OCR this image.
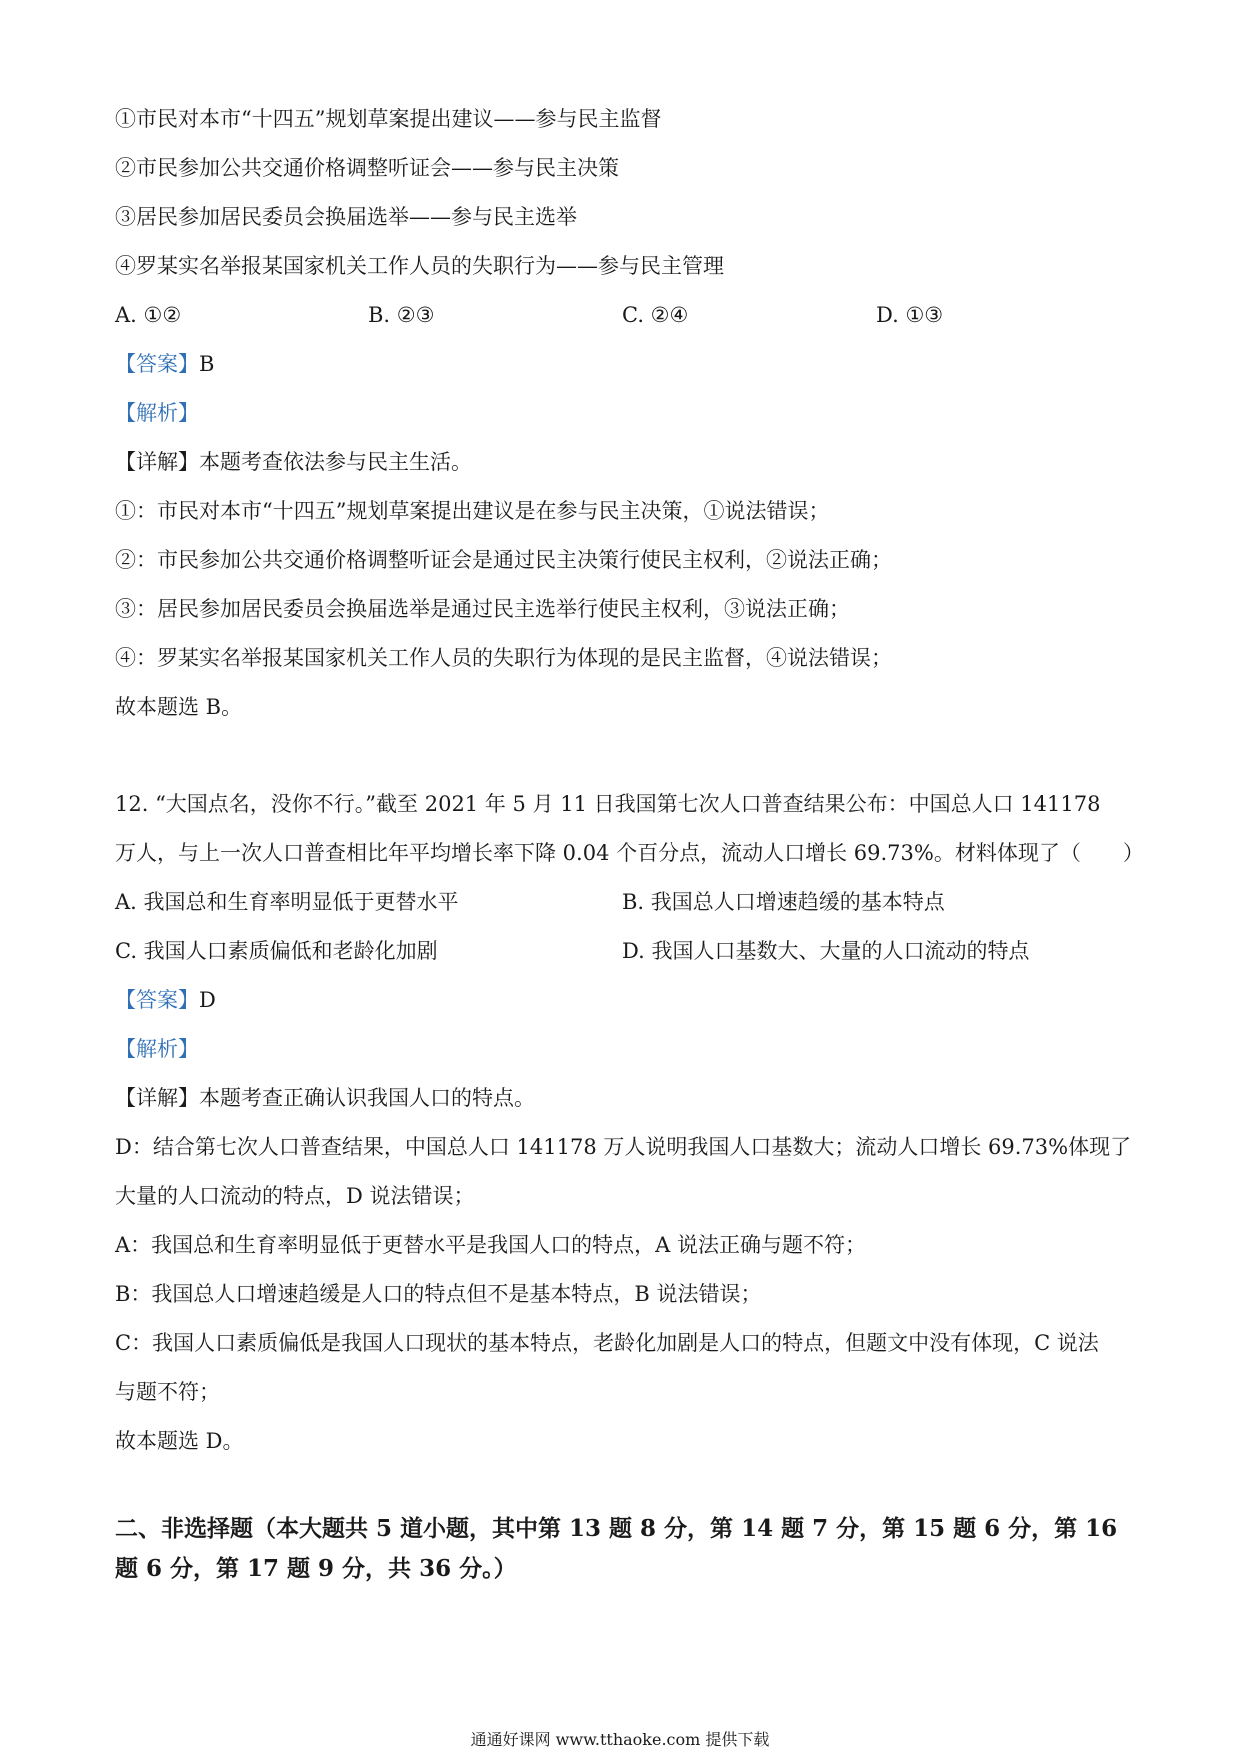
①市民对本市“十四五”规划草案提出建议——参与民主监督
②市民参加公共交通价格调整听证会——参与民主决策
③居民参加居民委员会换届选举——参与民主选举
④罗某实名举报某国家机关工作人员的失职行为——参与民主管理
A. ①②	B. ②③	C. ②④	D. ①③
【答案】B
【解析】
【详解】本题考查依法参与民主生活。
①：市民对本市“十四五”规划草案提出建议是在参与民主决策，①说法错误；
②：市民参加公共交通价格调整听证会是通过民主决策行使民主权利，②说法正确；
③：居民参加居民委员会换届选举是通过民主选举行使民主权利，③说法正确；
④：罗某实名举报某国家机关工作人员的失职行为体现的是民主监督，④说法错误；
故本题选 B。
12. “大国点名，没你不行。”截至 2021 年 5 月 11 日我国第七次人口普查结果公布：中国总人口 141178
万人，与上一次人口普查相比年平均增长率下降 0.04 个百分点，流动人口增长 69.73%。材料体现了（　　）
A. 我国总和生育率明显低于更替水平	B. 我国总人口增速趋缓的基本特点
C. 我国人口素质偏低和老龄化加剧	D. 我国人口基数大、大量的人口流动的特点
【答案】D
【解析】
【详解】本题考查正确认识我国人口的特点。
D：结合第七次人口普查结果，中国总人口 141178 万人说明我国人口基数大；流动人口增长 69.73%体现了
大量的人口流动的特点，D 说法错误；
A：我国总和生育率明显低于更替水平是我国人口的特点，A 说法正确与题不符；
B：我国总人口增速趋缓是人口的特点但不是基本特点，B 说法错误；
C：我国人口素质偏低是我国人口现状的基本特点，老龄化加剧是人口的特点，但题文中没有体现，C 说法
与题不符；
故本题选 D。
二、非选择题（本大题共 5 道小题，其中第 13 题 8 分，第 14 题 7 分，第 15 题 6 分，第 16
题 6 分，第 17 题 9 分，共 36 分。）
通通好课网 www.tthaoke.com 提供下载
